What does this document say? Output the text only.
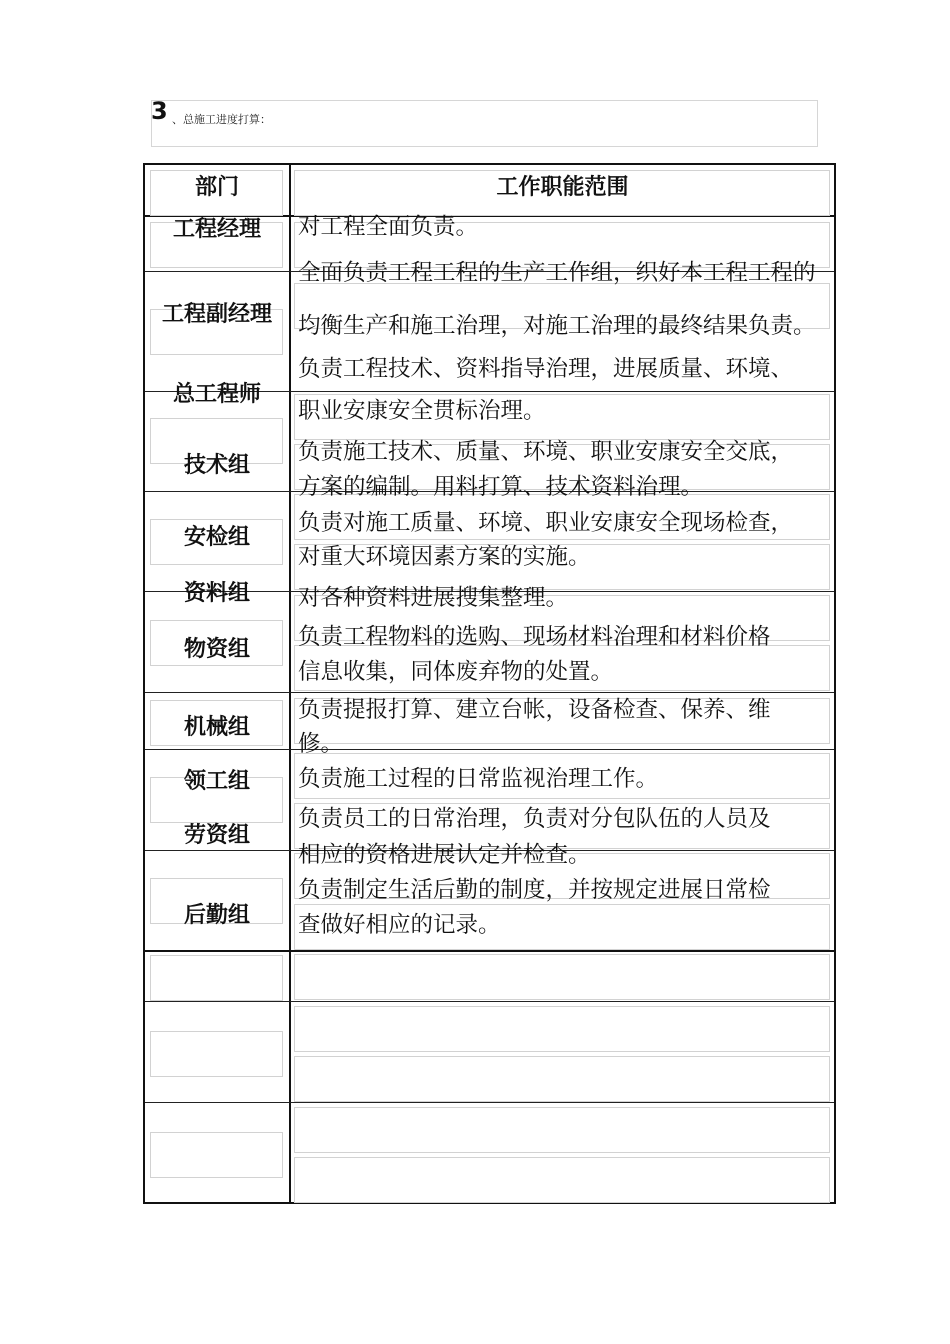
3 、总施工进度打算：
部门	工作职能范围
工程经理
工程副经理
总工程师
技术组
安检组
资料组
物资组
机械组
领工组
劳资组
后勤组
对工程全面负责。
全面负责工程工程的生产工作组，织好本工程工程的
均衡生产和施工治理，对施工治理的最终结果负责。
负责工程技术、资料指导治理，进展质量、环境、
职业安康安全贯标治理。
负责施工技术、质量、环境、职业安康安全交底，
方案的编制。用料打算、技术资料治理。
负责对施工质量、环境、职业安康安全现场检查，
对重大环境因素方案的实施。
对各种资料进展搜集整理。
负责工程物料的选购、现场材料治理和材料价格
信息收集，同体废弃物的处置。
负责提报打算、建立台帐，设备检查、保养、维
修。
负责施工过程的日常监视治理工作。
负责员工的日常治理，负责对分包队伍的人员及
相应的资格进展认定并检查。
负责制定生活后勤的制度，并按规定进展日常检
查做好相应的记录。
